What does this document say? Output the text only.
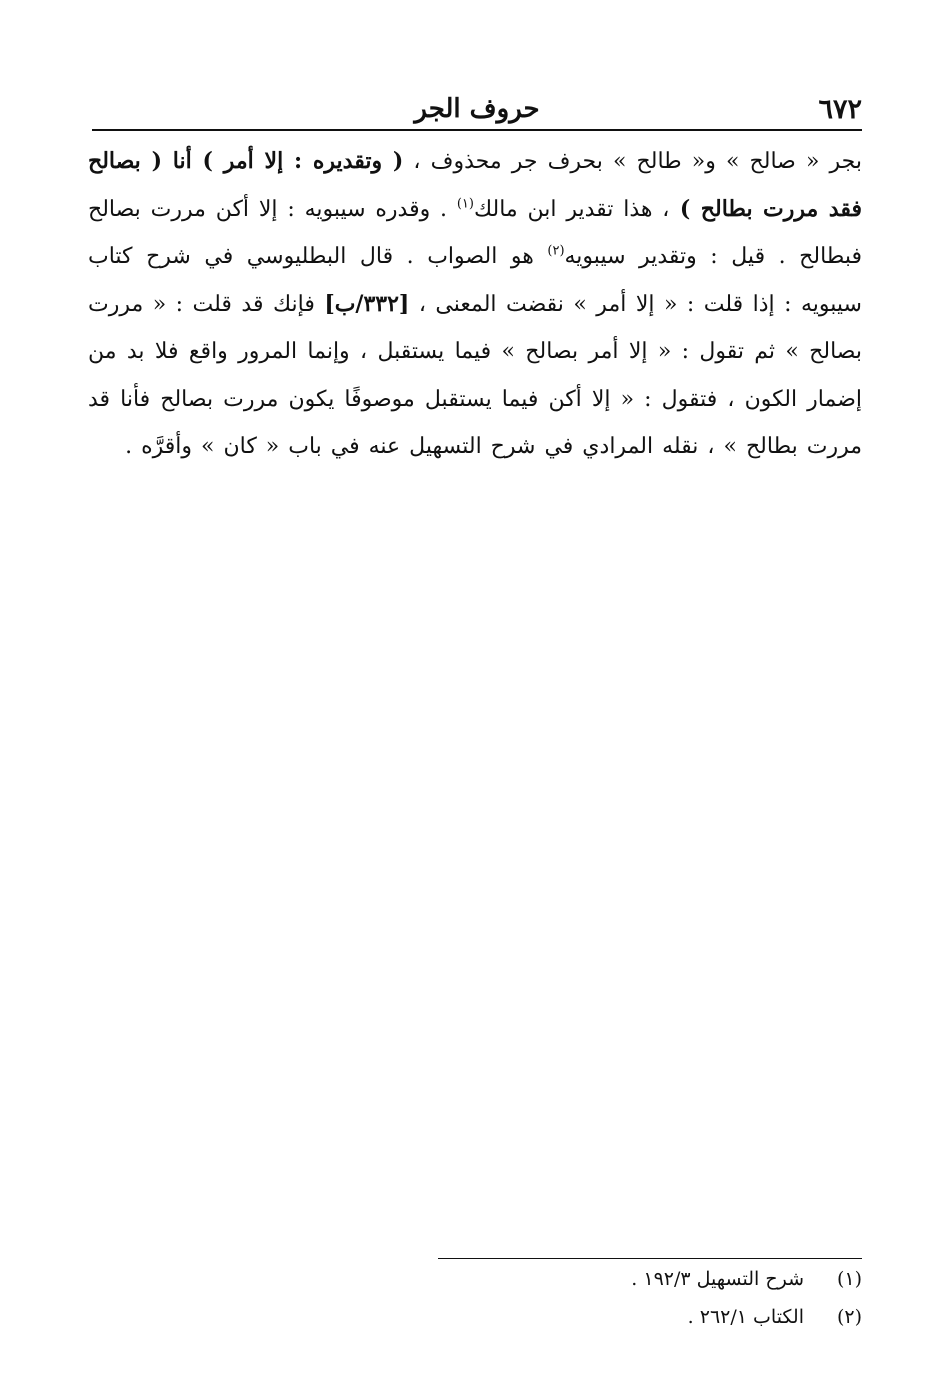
٦٧٢
حروف الجر

بجر « صالح » و« طالح » بحرف جر محذوف ، ( وتقديره : إلا أمر ) أنا ( بصالح فقد مررت بطالح ) ، هذا تقدير ابن مالك$^{(١)}$ . وقدره سيبويه : إلا أكن مررت بصالح فبطالح . قيل : وتقدير سيبويه$^{(٢)}$ هو الصواب . قال البطليوسي في شرح كتاب سيبويه : إذا قلت : « إلا أمر » نقضت المعنى ، [٣٣٢/ب] فإنك قد قلت : « مررت بصالح » ثم تقول : « إلا أمر بصالح » فيما يستقبل ، وإنما المرور واقع فلا بد من إضمار الكون ، فتقول : « إلا أكن فيما يستقبل موصوفًا يكون مررت بصالح فأنا قد مررت بطالح » ، نقله المرادي في شرح التسهيل عنه في باب « كان » وأقرَّه .

(١)
شرح التسهيل ١٩٢/٣ .
(٢)
الكتاب ٢٦٢/١ .
